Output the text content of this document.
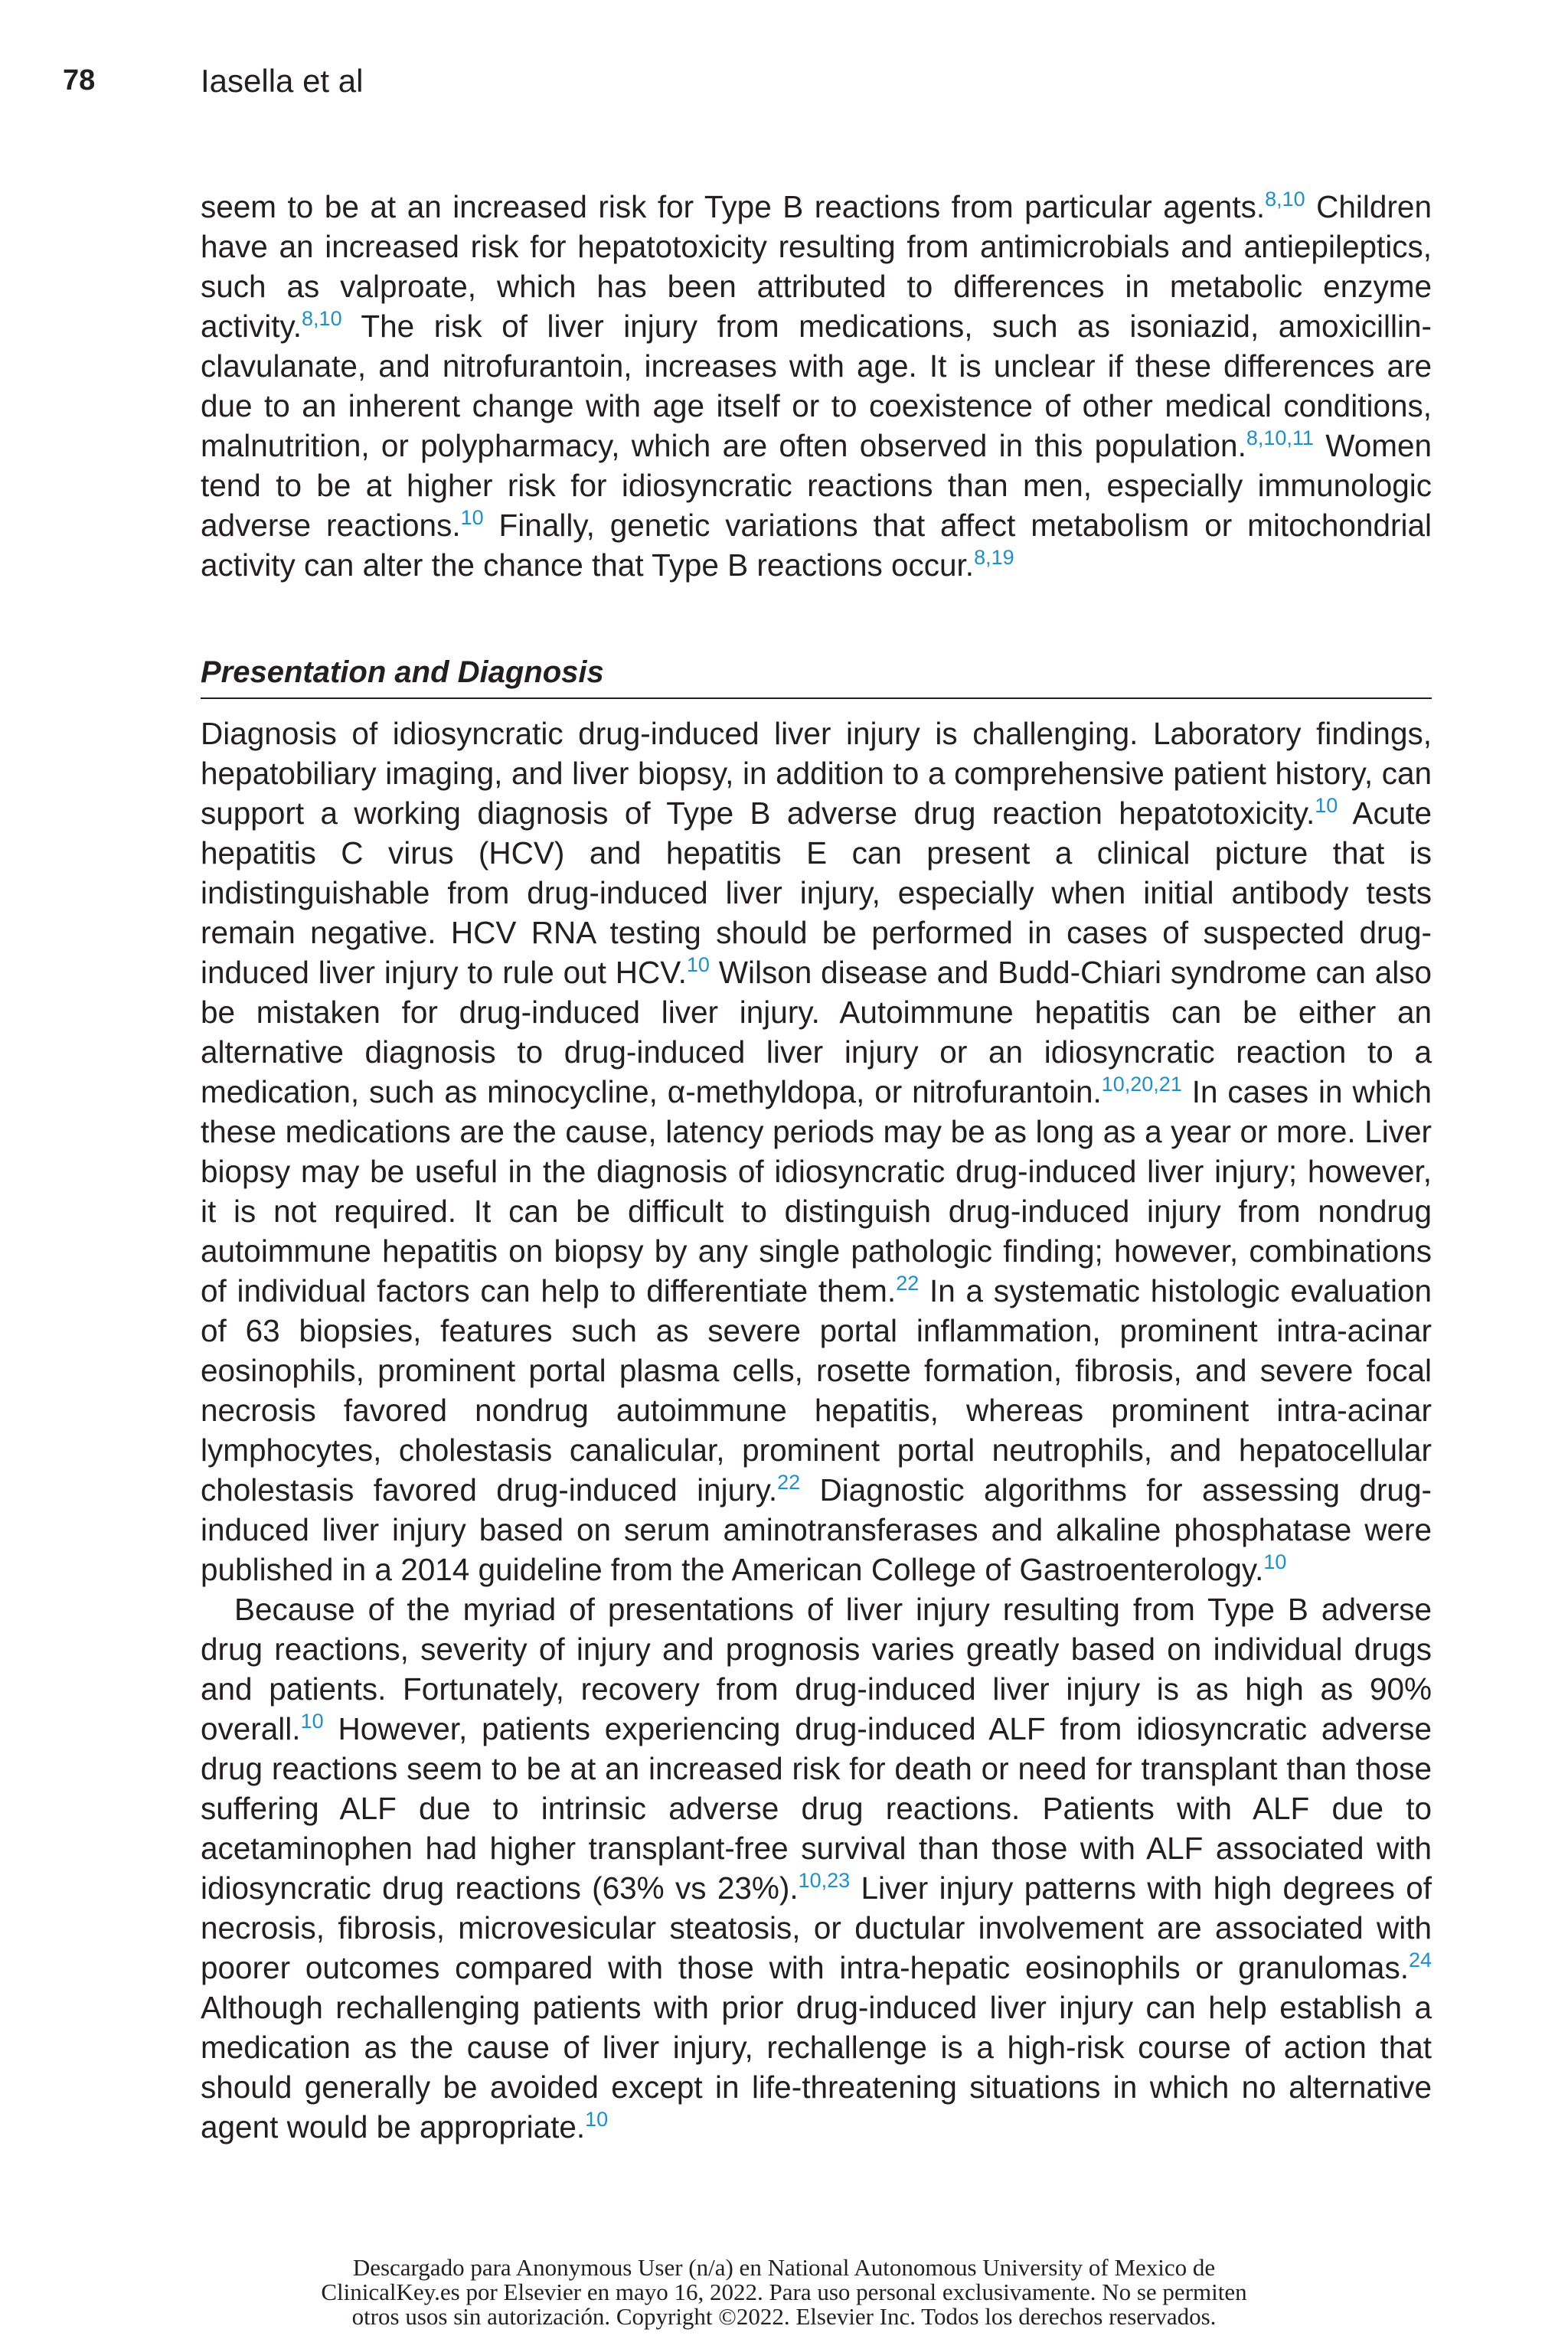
78	Iasella et al

seem to be at an increased risk for Type B reactions from particular agents.$^{8,10}$ Children have an increased risk for hepatotoxicity resulting from antimicrobials and antiepileptics, such as valproate, which has been attributed to differences in metabolic enzyme activity.$^{8,10}$ The risk of liver injury from medications, such as isoniazid, amoxicillin-clavulanate, and nitrofurantoin, increases with age. It is unclear if these differences are due to an inherent change with age itself or to coexistence of other medical conditions, malnutrition, or polypharmacy, which are often observed in this population.$^{8,10,11}$ Women tend to be at higher risk for idiosyncratic reactions than men, especially immunologic adverse reactions.$^{10}$ Finally, genetic variations that affect metabolism or mitochondrial activity can alter the chance that Type B reactions occur.$^{8,19}$

Presentation and Diagnosis

Diagnosis of idiosyncratic drug-induced liver injury is challenging. Laboratory findings, hepatobiliary imaging, and liver biopsy, in addition to a comprehensive patient history, can support a working diagnosis of Type B adverse drug reaction hepatotoxicity.$^{10}$ Acute hepatitis C virus (HCV) and hepatitis E can present a clinical picture that is indistinguishable from drug-induced liver injury, especially when initial antibody tests remain negative. HCV RNA testing should be performed in cases of suspected drug-induced liver injury to rule out HCV.$^{10}$ Wilson disease and Budd-Chiari syndrome can also be mistaken for drug-induced liver injury. Autoimmune hepatitis can be either an alternative diagnosis to drug-induced liver injury or an idiosyncratic reaction to a medication, such as minocycline, α-methyldopa, or nitrofurantoin.$^{10,20,21}$ In cases in which these medications are the cause, latency periods may be as long as a year or more. Liver biopsy may be useful in the diagnosis of idiosyncratic drug-induced liver injury; however, it is not required. It can be difficult to distinguish drug-induced injury from nondrug autoimmune hepatitis on biopsy by any single pathologic finding; however, combinations of individual factors can help to differentiate them.$^{22}$ In a systematic histologic evaluation of 63 biopsies, features such as severe portal inflammation, prominent intra-acinar eosinophils, prominent portal plasma cells, rosette formation, fibrosis, and severe focal necrosis favored nondrug autoimmune hepatitis, whereas prominent intra-acinar lymphocytes, cholestasis canalicular, prominent portal neutrophils, and hepatocellular cholestasis favored drug-induced injury.$^{22}$ Diagnostic algorithms for assessing drug-induced liver injury based on serum aminotransferases and alkaline phosphatase were published in a 2014 guideline from the American College of Gastroenterology.$^{10}$

Because of the myriad of presentations of liver injury resulting from Type B adverse drug reactions, severity of injury and prognosis varies greatly based on individual drugs and patients. Fortunately, recovery from drug-induced liver injury is as high as 90% overall.$^{10}$ However, patients experiencing drug-induced ALF from idiosyncratic adverse drug reactions seem to be at an increased risk for death or need for transplant than those suffering ALF due to intrinsic adverse drug reactions. Patients with ALF due to acetaminophen had higher transplant-free survival than those with ALF associated with idiosyncratic drug reactions (63% vs 23%).$^{10,23}$ Liver injury patterns with high degrees of necrosis, fibrosis, microvesicular steatosis, or ductular involvement are associated with poorer outcomes compared with those with intra-hepatic eosinophils or granulomas.$^{24}$ Although rechallenging patients with prior drug-induced liver injury can help establish a medication as the cause of liver injury, rechallenge is a high-risk course of action that should generally be avoided except in life-threatening situations in which no alternative agent would be appropriate.$^{10}$

Descargado para Anonymous User (n/a) en National Autonomous University of Mexico de
ClinicalKey.es por Elsevier en mayo 16, 2022. Para uso personal exclusivamente. No se permiten
otros usos sin autorización. Copyright ©2022. Elsevier Inc. Todos los derechos reservados.
